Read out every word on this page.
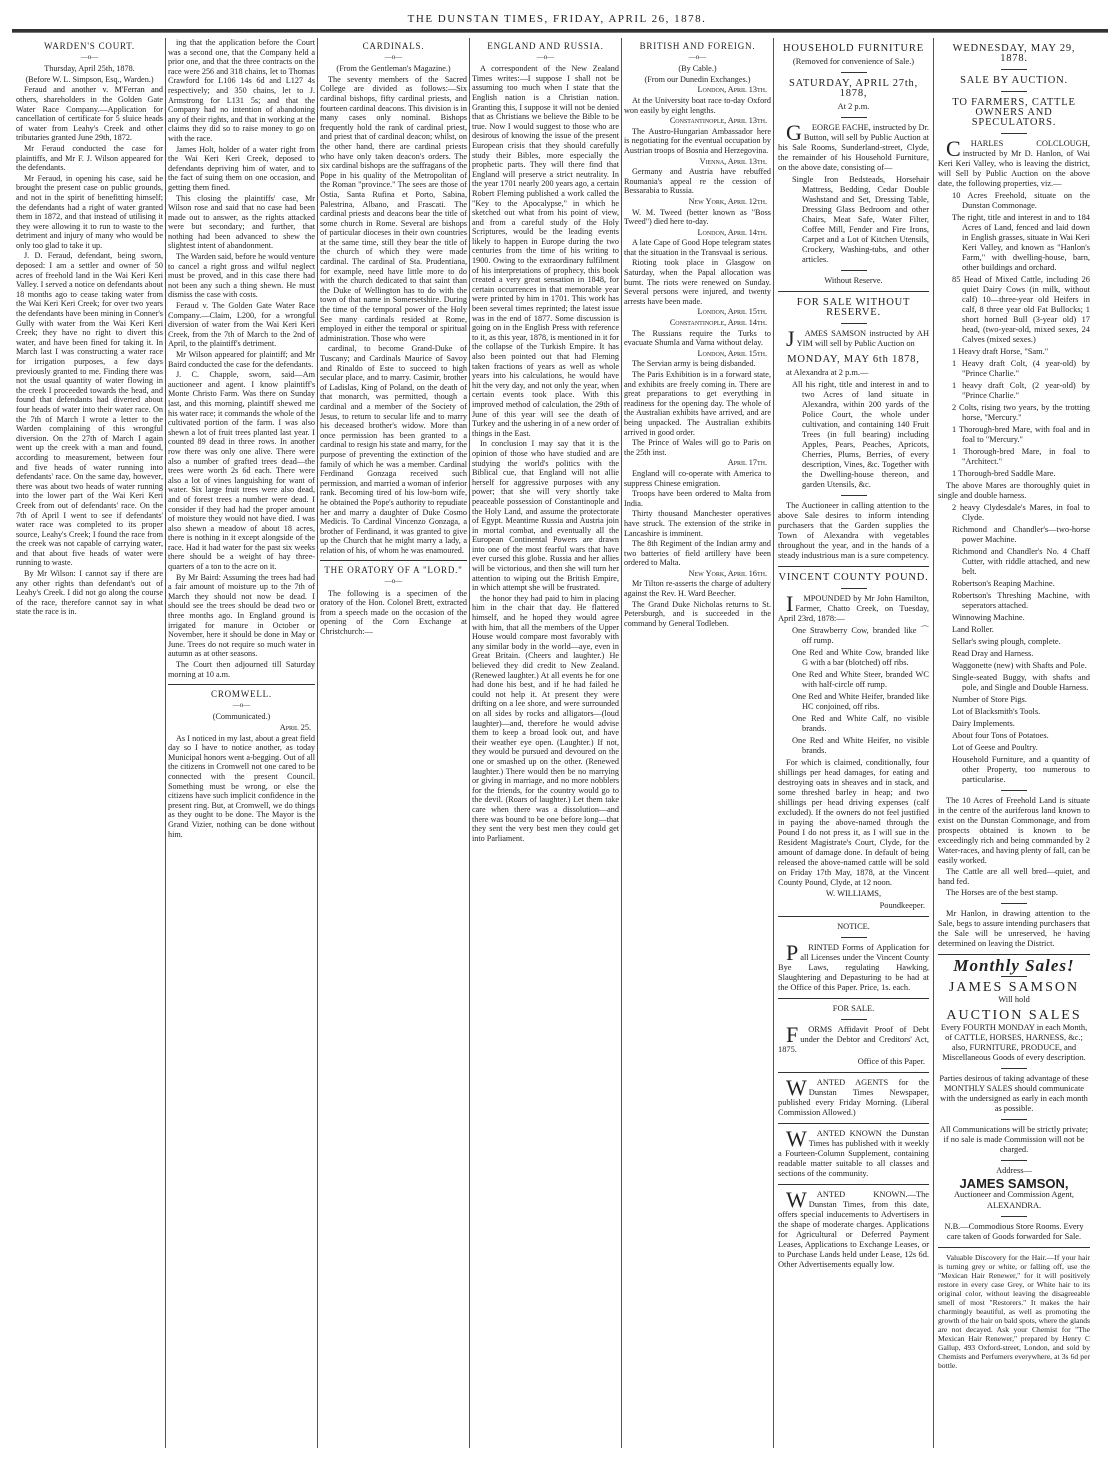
THE DUNSTAN TIMES, FRIDAY, APRIL 26, 1878.
WARDEN'S COURT.
—o—
Thursday, April 25th, 1878.
(Before W. L. Simpson, Esq., Warden.)
Feraud and another v. M'Ferran and others, shareholders in the Golden Gate Water Race Company.—Application for cancellation of certificate for 5 sluice heads of water from Leahy's Creek and other tributaries granted June 29th, 1872.
Mr Feraud conducted the case for plaintiffs, and Mr F. J. Wilson appeared for the defendants.
Mr Feraud, in opening his case, said he brought the present case on public grounds, and not in the spirit of benefitting himself; the defendants had a right of water granted them in 1872, and that instead of utilising it they were allowing it to run to waste to the detriment and injury of many who would be only too glad to take it up.
J. D. Feraud, defendant, being sworn, deposed: I am a settler and owner of 50 acres of freehold land in the Wai Keri Keri Valley. I served a notice on defendants about 18 months ago to cease taking water from the Wai Keri Keri Creek; for over two years the defendants have been mining in Conner's Gully with water from the Wai Keri Keri Creek; they have no right to divert this water, and have been fined for taking it. In March last I was constructing a water race for irrigation purposes, a few days previously granted to me. Finding there was not the usual quantity of water flowing in the creek I proceeded towards the head, and found that defendants had diverted about four heads of water into their water race. On the 7th of March I wrote a letter to the Warden complaining of this wrongful diversion. On the 27th of March I again went up the creek with a man and found, according to measurement, between four and five heads of water running into defendants' race. On the same day, however, there was about two heads of water running into the lower part of the Wai Keri Keri Creek from out of defendants' race. On the 7th of April I went to see if defendants' water race was completed to its proper source, Leahy's Creek; I found the race from the creek was not capable of carrying water, and that about five heads of water were running to waste.
By Mr Wilson: I cannot say if there are any other rights than defendant's out of Leahy's Creek. I did not go along the course of the race, therefore cannot say in what state the race is in.
ing that the application before the Court was a second one, that the Company held a prior one, and that the three contracts on the race were 256 and 318 chains, let to Thomas Crawford for L106 14s 6d and L127 4s respectively; and 350 chains, let to J. Armstrong for L131 5s; and that the Company had no intention of abandoning any of their rights, and that in working at the claims they did so to raise money to go on with the race.
James Holt, holder of a water right from the Wai Keri Keri Creek, deposed to defendants depriving him of water, and to the fact of suing them on one occasion, and getting them fined.
This closing the plaintiffs' case, Mr Wilson rose and said that no case had been made out to answer, as the rights attacked were but secondary; and further, that nothing had been advanced to shew the slightest intent of abandonment.
The Warden said, before he would venture to cancel a right gross and wilful neglect must be proved, and in this case there had not been any such a thing shewn. He must dismiss the case with costs.
Feraud v. The Golden Gate Water Race Company.—Claim, L200, for a wrongful diversion of water from the Wai Keri Keri Creek, from the 7th of March to the 2nd of April, to the plaintiff's detriment.
Mr Wilson appeared for plaintiff; and Mr Baird conducted the case for the defendants.
J. C. Chapple, sworn, said—Am auctioneer and agent. I know plaintiff's Monte Christo Farm. Was there on Sunday last, and this morning, plaintiff shewed me his water race; it commands the whole of the cultivated portion of the farm. I was also shewn a lot of fruit trees planted last year. I counted 89 dead in three rows. In another row there was only one alive. There were also a number of grafted trees dead—the trees were worth 2s 6d each. There were also a lot of vines languishing for want of water. Six large fruit trees were also dead, and of forest trees a number were dead. I consider if they had had the proper amount of moisture they would not have died. I was also shewn a meadow of about 18 acres, there is nothing in it except alongside of the race. Had it had water for the past six weeks there should be a weight of hay three-quarters of a ton to the acre on it.
By Mr Baird: Assuming the trees had had a fair amount of moisture up to the 7th of March they should not now be dead. I should see the trees should be dead two or three months ago. In England ground is irrigated for manure in October or November, here it should be done in May or June. Trees do not require so much water in autumn as at other seasons.
The Court then adjourned till Saturday morning at 10 a.m.
CROMWELL.
—o—
(Communicated.)
April 25.
As I noticed in my last, about a great field day so I have to notice another, as today Municipal honors went a-begging. Out of all the citizens in Cromwell not one cared to be connected with the present Council. Something must be wrong, or else the citizens have such implicit confidence in the present ring. But, at Cromwell, we do things as they ought to be done. The Mayor is the Grand Vizier, nothing can be done without him.
CARDINALS.
—o—
(From the Gentleman's Magazine.)
The seventy members of the Sacred College are divided as follows:—Six cardinal bishops, fifty cardinal priests, and fourteen cardinal deacons. This division is in many cases only nominal. Bishops frequently hold the rank of cardinal priest, and priest that of cardinal deacon; whilst, on the other hand, there are cardinal priests who have only taken deacon's orders. The six cardinal bishops are the suffragans of the Pope in his quality of the Metropolitan of the Roman "province." The sees are those of Ostia, Santa Rufina et Porto, Sabina, Palestrina, Albano, and Frascati. The cardinal priests and deacons bear the title of some church in Rome. Several are bishops of particular dioceses in their own countries at the same time, still they bear the title of the church of which they were made cardinal. The cardinal of Sta. Prudentiana, for example, need have little more to do with the church dedicated to that saint than the Duke of Wellington has to do with the town of that name in Somersetshire. During the time of the temporal power of the Holy See many cardinals resided at Rome, employed in either the temporal or spiritual administration. Those who were
cardinal, to become Grand-Duke of Tuscany; and Cardinals Maurice of Savoy and Rinaldo of Este to succeed to high secular place, and to marry. Casimir, brother of Ladislas, King of Poland, on the death of that monarch, was permitted, though a cardinal and a member of the Society of Jesus, to return to secular life and to marry his deceased brother's widow. More than once permission has been granted to a cardinal to resign his state and marry, for the purpose of preventing the extinction of the family of which he was a member. Cardinal Ferdinand Gonzaga received such permission, and married a woman of inferior rank. Becoming tired of his low-born wife, he obtained the Pope's authority to repudiate her and marry a daughter of Duke Cosmo Medicis. To Cardinal Vincenzo Gonzaga, a brother of Ferdinand, it was granted to give up the Church that he might marry a lady, a relation of his, of whom he was enamoured.
THE ORATORY OF A "LORD."
—o—
The following is a specimen of the oratory of the Hon. Colonel Brett, extracted from a speech made on the occasion of the opening of the Corn Exchange at Christchurch:—
ENGLAND AND RUSSIA.
—o—
A correspondent of the New Zealand Times writes:—I suppose I shall not be assuming too much when I state that the English nation is a Christian nation. Granting this, I suppose it will not be denied that as Christians we believe the Bible to be true. Now I would suggest to those who are desirous of knowing the issue of the present European crisis that they should carefully study their Bibles, more especially the prophetic parts. They will there find that England will preserve a strict neutrality. In the year 1701 nearly 200 years ago, a certain Robert Fleming published a work called the "Key to the Apocalypse," in which he sketched out what from his point of view, and from a careful study of the Holy Scriptures, would be the leading events likely to happen in Europe during the two centuries from the time of his writing to 1900. Owing to the extraordinary fulfilment of his interpretations of prophecy, this book created a very great sensation in 1848, for certain occurrences in that memorable year were printed by him in 1701. This work has been several times reprinted; the latest issue was in the end of 1877. Some discussion is going on in the English Press with reference to it, as this year, 1878, is mentioned in it for the collapse of the Turkish Empire. It has also been pointed out that had Fleming taken fractions of years as well as whole years into his calculations, he would have hit the very day, and not only the year, when certain events took place. With this improved method of calculation, the 29th of June of this year will see the death of Turkey and the ushering in of a new order of things in the East.
In conclusion I may say that it is the opinion of those who have studied and are studying the world's politics with the Biblical cue, that England will not allie herself for aggressive purposes with any power; that she will very shortly take peaceable possession of Constantinople and the Holy Land, and assume the protectorate of Egypt. Meantime Russia and Austria join in mortal combat, and eventually all the European Continental Powers are drawn into one of the most fearful wars that have ever cursed this globe. Russia and her allies will be victorious, and then she will turn her attention to wiping out the British Empire, in which attempt she will be frustrated.
the honor they had paid to him in placing him in the chair that day. He flattered himself, and he hoped they would agree with him, that all the members of the Upper House would compare most favorably with any similar body in the world—aye, even in Great Britain. (Cheers and laughter.) He believed they did credit to New Zealand. (Renewed laughter.) At all events he for one had done his best, and if he had failed he could not help it. At present they were drifting on a lee shore, and were surrounded on all sides by rocks and alligators—(loud laughter)—and, therefore he would advise them to keep a broad look out, and have their weather eye open. (Laughter.) If not, they would be pursued and devoured on the one or smashed up on the other. (Renewed laughter.) There would then be no marrying or giving in marriage, and no more nobblers for the friends, for the country would go to the devil. (Roars of laughter.) Let them take care when there was a dissolution—and there was bound to be one before long—that they sent the very best men they could get into Parliament.
BRITISH AND FOREIGN.
—o—
(By Cable.)
(From our Dunedin Exchanges.)
London, April 13th.
At the University boat race to-day Oxford won easily by eight lengths.
Constantinople, April 13th.
The Austro-Hungarian Ambassador here is negotiating for the eventual occupation by Austrian troops of Bosnia and Herzegovina.
Vienna, April 13th.
Germany and Austria have rebuffed Roumania's appeal re the cession of Bessarabia to Russia.
New York, April 12th.
W. M. Tweed (better known as "Boss Tweed") died here to-day.
London, April 14th.
A late Cape of Good Hope telegram states that the situation in the Transvaal is serious.
Rioting took place in Glasgow on Saturday, when the Papal allocation was burnt. The riots were renewed on Sunday. Several persons were injured, and twenty arrests have been made.
London, April 15th.
Constantinople, April 14th.
The Russians require the Turks to evacuate Shumla and Varna without delay.
London, April 15th.
The Servian army is being disbanded.
The Paris Exhibition is in a forward state, and exhibits are freely coming in. There are great preparations to get everything in readiness for the opening day. The whole of the Australian exhibits have arrived, and are being unpacked. The Australian exhibits arrived in good order.
The Prince of Wales will go to Paris on the 25th inst.
April 17th.
England will co-operate with America to suppress Chinese emigration.
Troops have been ordered to Malta from India.
Thirty thousand Manchester operatives have struck. The extension of the strike in Lancashire is imminent.
The 8th Regiment of the Indian army and two batteries of field artillery have been ordered to Malta.
New York, April 16th.
Mr Tilton re-asserts the charge of adultery against the Rev. H. Ward Beecher.
The Grand Duke Nicholas returns to St. Petersburgh, and is succeeded in the command by General Todleben.
HOUSEHOLD FURNITURE
(Removed for convenience of Sale.)
SATURDAY, APRIL 27th, 1878,
At 2 p.m.
GEORGE FACHE, instructed by Dr. Button, will sell by Public Auction at his Sale Rooms, Sunderland-street, Clyde, the remainder of his Household Furniture, on the above date, consisting of—
Single Iron Bedsteads, Horsehair Mattress, Bedding, Cedar Double Washstand and Set, Dressing Table, Dressing Glass Bedroom and other Chairs, Meat Safe, Water Filter, Coffee Mill, Fender and Fire Irons, Carpet and a Lot of Kitchen Utensils, Crockery, Washing-tubs, and other articles.
Without Reserve.
FOR SALE WITHOUT RESERVE.
JAMES SAMSON instructed by AH YIM will sell by Public Auction on
MONDAY, MAY 6th 1878,
at Alexandra at 2 p.m.—
All his right, title and interest in and to two Acres of land situate in Alexandra, within 200 yards of the Police Court, the whole under cultivation, and containing 140 Fruit Trees (in full bearing) including Apples, Pears, Peaches, Apricots, Cherries, Plums, Berries, of every description, Vines, &c. Together with the Dwelling-house thereon, and garden Utensils, &c.
The Auctioneer in calling attention to the above Sale desires to inform intending purchasers that the Garden supplies the Town of Alexandra with vegetables throughout the year, and in the hands of a steady industrious man is a sure competency.
VINCENT COUNTY POUND.
IMPOUNDED by Mr John Hamilton, Farmer, Chatto Creek, on Tuesday, April 23rd, 1878:—
One Strawberry Cow, branded like ⌒ off rump.
One Red and White Cow, branded like G with a bar (blotched) off ribs.
One Red and White Steer, branded WC with half-circle off rump.
One Red and White Heifer, branded like HC conjoined, off ribs.
One Red and White Calf, no visible brands.
One Red and White Heifer, no visible brands.
For which is claimed, conditionally, four shillings per head damages, for eating and destroying oats in sheaves and in stack, and some threshed barley in heap; and two shillings per head driving expenses (calf excluded). If the owners do not feel justified in paying the above-named through the Pound I do not press it, as I will sue in the Resident Magistrate's Court, Clyde, for the amount of damage done. In default of being released the above-named cattle will be sold on Friday 17th May, 1878, at the Vincent County Pound, Clyde, at 12 noon.
W. WILLIAMS,
Poundkeeper.
NOTICE.
PRINTED Forms of Application for all Licenses under the Vincent County Bye Laws, regulating Hawking, Slaughtering and Depasturing to be had at the Office of this Paper. Price, 1s. each.
FOR SALE.
FORMS Affidavit Proof of Debt under the Debtor and Creditors' Act, 1875.
Office of this Paper.
WANTED AGENTS for the Dunstan Times Newspaper, published every Friday Morning. (Liberal Commission Allowed.)
WANTED KNOWN the Dunstan Times has published with it weekly a Fourteen-Column Supplement, containing readable matter suitable to all classes and sections of the community.
WANTED KNOWN.—The Dunstan Times, from this date, offers special inducements to Advertisers in the shape of moderate charges. Applications for Agricultural or Deferred Payment Leases, Applications to Exchange Leases, or to Purchase Lands held under Lease, 12s 6d. Other Advertisements equally low.
WEDNESDAY, MAY 29, 1878.
SALE BY AUCTION.
TO FARMERS, CATTLE OWNERS AND SPECULATORS.
CHARLES COLCLOUGH, instructed by Mr D. Hanlon, of Wai Keri Keri Valley, who is leaving the district, will Sell by Public Auction on the above date, the following properties, viz.—
10 Acres Freehold, situate on the Dunstan Commonage.
The right, title and interest in and to 184 Acres of Land, fenced and laid down in English grasses, situate in Wai Keri Keri Valley, and known as "Hanlon's Farm," with dwelling-house, barn, other buildings and orchard.
85 Head of Mixed Cattle, including 26 quiet Dairy Cows (in milk, without calf) 10—three-year old Heifers in calf, 8 three year old Fat Bullocks; 1 short horned Bull (3-year old) 17 head, (two-year-old, mixed sexes, 24 Calves (mixed sexes.)
1 Heavy draft Horse, "Sam."
1 Heavy draft Colt, (4 year-old) by "Prince Charlie."
1 heavy draft Colt, (2 year-old) by "Prince Charlie."
2 Colts, rising two years, by the trotting horse, "Mercury."
1 Thorough-bred Mare, with foal and in foal to "Mercury."
1 Thorough-bred Mare, in foal to "Architect."
1 Thorough-bred Saddle Mare.
The above Mares are thoroughly quiet in single and double harness.
2 heavy Clydesdale's Mares, in foal to Clyde.
Richmond and Chandler's—two-horse power Machine.
Richmond and Chandler's No. 4 Chaff Cutter, with riddle attached, and new belt.
Robertson's Reaping Machine.
Robertson's Threshing Machine, with seperators attached.
Winnowing Machine.
Land Roller.
Sellar's swing plough, complete.
Read Dray and Harness.
Waggonette (new) with Shafts and Pole.
Single-seated Buggy, with shafts and pole, and Single and Double Harness.
Number of Store Pigs.
Lot of Blacksmith's Tools.
Dairy Implements.
About four Tons of Potatoes.
Lot of Geese and Poultry.
Household Furniture, and a quantity of other Property, too numerous to particularise.
The 10 Acres of Freehold Land is situate in the centre of the auriferous land known to exist on the Dunstan Commonage, and from prospects obtained is known to be exceedingly rich and being commanded by 2 Water-races, and having plenty of fall, can be easily worked.
The Cattle are all well bred—quiet, and hand fed.
The Horses are of the best stamp.
Mr Hanlon, in drawing attention to the Sale, begs to assure intending purchasers that the Sale will be unreserved, he having determined on leaving the District.
Monthly Sales!
JAMES SAMSON
Will hold
AUCTION SALES
Every FOURTH MONDAY in each Month, of CATTLE, HORSES, HARNESS, &c.; also, FURNITURE, PRODUCE, and Miscellaneous Goods of every description.
Parties desirous of taking advantage of these MONTHLY SALES should communicate with the undersigned as early in each month as possible.
All Communications will be strictly private; if no sale is made Commission will not be charged.
Address—
JAMES SAMSON,
Auctioneer and Commission Agent,
ALEXANDRA.
N.B.—Commodious Store Rooms. Every care taken of Goods forwarded for Sale.
Valuable Discovery for the Hair.—If your hair is turning grey or white, or falling off, use the "Mexican Hair Renewer," for it will positively restore in every case Grey, or White hair to its original color, without leaving the disagreeable smell of most "Restorers." It makes the hair charmingly beautiful, as well as promoting the growth of the hair on bald spots, where the glands are not decayed. Ask your Chemist for "The Mexican Hair Renewer," prepared by Henry C Gallup, 493 Oxford-street, London, and sold by Chemists and Perfumers everywhere, at 3s 6d per bottle.
